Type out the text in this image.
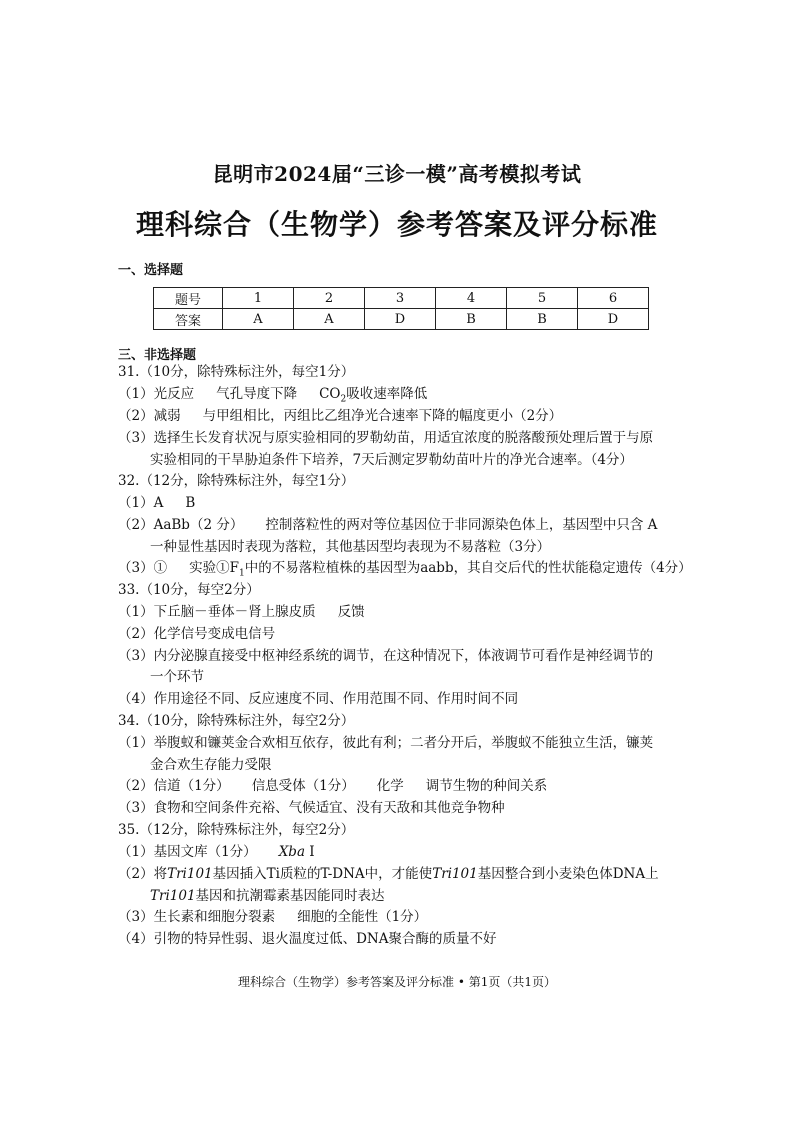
昆明市2024届“三诊一模”高考模拟考试
理科综合（生物学）参考答案及评分标准
一、选择题
题号	1	2	3	4	5	6
答案	A	A	D	B	B	D
三、非选择题
31.（10分，除特殊标注外，每空1分）
（1）光反应 气孔导度下降 $CO_2$吸收速率降低
（2）减弱 与甲组相比，丙组比乙组净光合速率下降的幅度更小（2分）
（3）选择生长发育状况与原实验相同的罗勒幼苗，用适宜浓度的脱落酸预处理后置于与原
实验相同的干旱胁迫条件下培养，7天后测定罗勒幼苗叶片的净光合速率。（4分）
32.（12分，除特殊标注外，每空1分）
（1）A B
（2）AaBb（2 分） 控制落粒性的两对等位基因位于非同源染色体上，基因型中只含 A
一种显性基因时表现为落粒，其他基因型均表现为不易落粒（3分）
（3）① 实验$①F_1$中的不易落粒植株的基因型为aabb，其自交后代的性状能稳定遗传（4分）
33.（10分，每空2分）
（1）下丘脑－垂体－肾上腺皮质 反馈
（2）化学信号变成电信号
（3）内分泌腺直接受中枢神经系统的调节，在这种情况下，体液调节可看作是神经调节的
一个环节
（4）作用途径不同、反应速度不同、作用范围不同、作用时间不同
34.（10分，除特殊标注外，每空2分）
（1）举腹蚁和镰荚金合欢相互依存，彼此有利；二者分开后，举腹蚁不能独立生活，镰荚
金合欢生存能力受限
（2）信道（1分） 信息受体（1分） 化学 调节生物的种间关系
（3）食物和空间条件充裕、气候适宜、没有天敌和其他竞争物种
35.（12分，除特殊标注外，每空2分）
（1）基因文库（1分） Xba Ⅰ
（2）将Tri101基因插入Ti质粒的T-DNA中，才能使Tri101基因整合到小麦染色体DNA上
Tri101基因和抗潮霉素基因能同时表达
（3）生长素和细胞分裂素 细胞的全能性（1分）
（4）引物的特异性弱、退火温度过低、DNA聚合酶的质量不好
理科综合（生物学）参考答案及评分标准 • 第1页（共1页）
